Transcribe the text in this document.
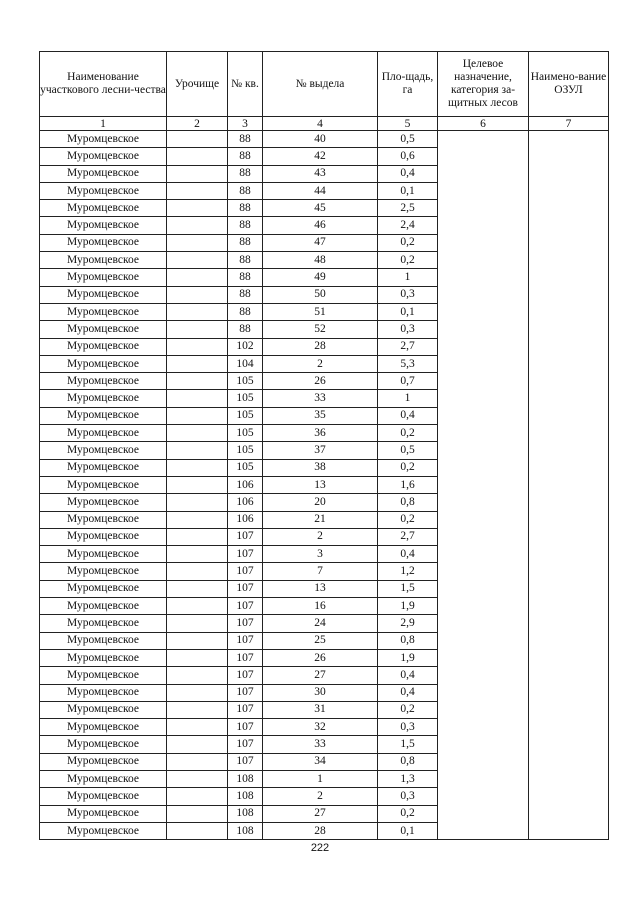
Наименование участкового лесни-чества	Урочище	№ кв.	№ выдела	Пло-щадь, га	Целевое назначение, категория за-щитных лесов	Наимено-вание ОЗУЛ
1	2	3	4	5	6	7
Муромцевское		88	40	0,5		
Муромцевское		88	42	0,6		
Муромцевское		88	43	0,4		
Муромцевское		88	44	0,1		
Муромцевское		88	45	2,5		
Муромцевское		88	46	2,4		
Муромцевское		88	47	0,2		
Муромцевское		88	48	0,2		
Муромцевское		88	49	1		
Муромцевское		88	50	0,3		
Муромцевское		88	51	0,1		
Муромцевское		88	52	0,3		
Муромцевское		102	28	2,7		
Муромцевское		104	2	5,3		
Муромцевское		105	26	0,7		
Муромцевское		105	33	1		
Муромцевское		105	35	0,4		
Муромцевское		105	36	0,2		
Муромцевское		105	37	0,5		
Муромцевское		105	38	0,2		
Муромцевское		106	13	1,6		
Муромцевское		106	20	0,8		
Муромцевское		106	21	0,2		
Муромцевское		107	2	2,7		
Муромцевское		107	3	0,4		
Муромцевское		107	7	1,2		
Муромцевское		107	13	1,5		
Муромцевское		107	16	1,9		
Муромцевское		107	24	2,9		
Муромцевское		107	25	0,8		
Муромцевское		107	26	1,9		
Муромцевское		107	27	0,4		
Муромцевское		107	30	0,4		
Муромцевское		107	31	0,2		
Муромцевское		107	32	0,3		
Муромцевское		107	33	1,5		
Муромцевское		107	34	0,8		
Муромцевское		108	1	1,3		
Муромцевское		108	2	0,3		
Муромцевское		108	27	0,2		
Муромцевское		108	28	0,1		
222
